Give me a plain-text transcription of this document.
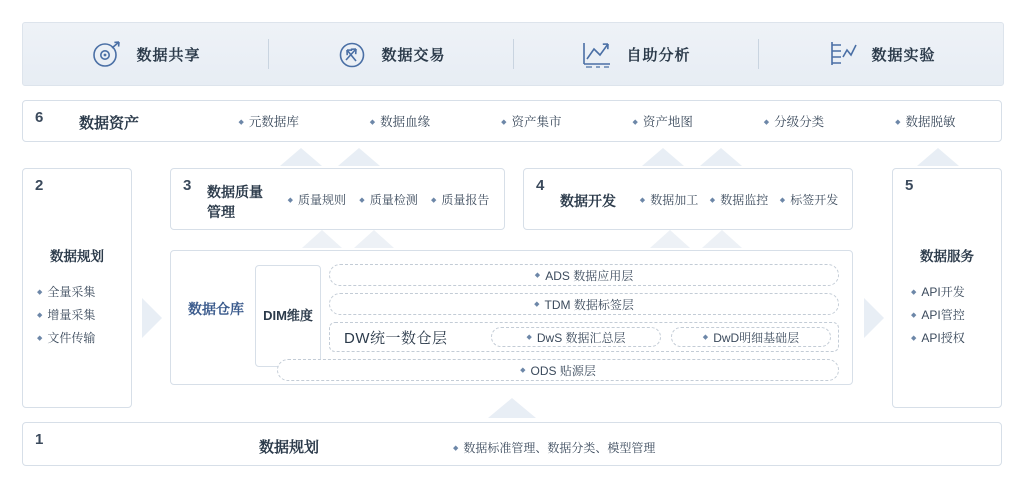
数据共享	数据交易	自助分析	数据实验
6 数据资产	◆ 元数据库	◆ 数据血缘	◆ 资产集市	◆ 资产地图	◆ 分级分类	◆ 数据脱敏
2
数据规划
◆ 全量采集
◆ 增量采集
◆ 文件传输
3 数据质量管理
◆ 质量规则	◆ 质量检测	◆ 质量报告
4
数据开发	◆ 数据加工	◆ 数据监控	◆ 标签开发
数据仓库	DIM维度
◆ ADS 数据应用层
◆ TDM 数据标签层
DW统一数仓层	◆ DwS 数据汇总层	◆ DwD明细基础层
◆ ODS 贴源层
5
数据服务
◆ API开发
◆ API管控
◆ API授权
1	数据规划	◆ 数据标准管理、数据分类、模型管理
